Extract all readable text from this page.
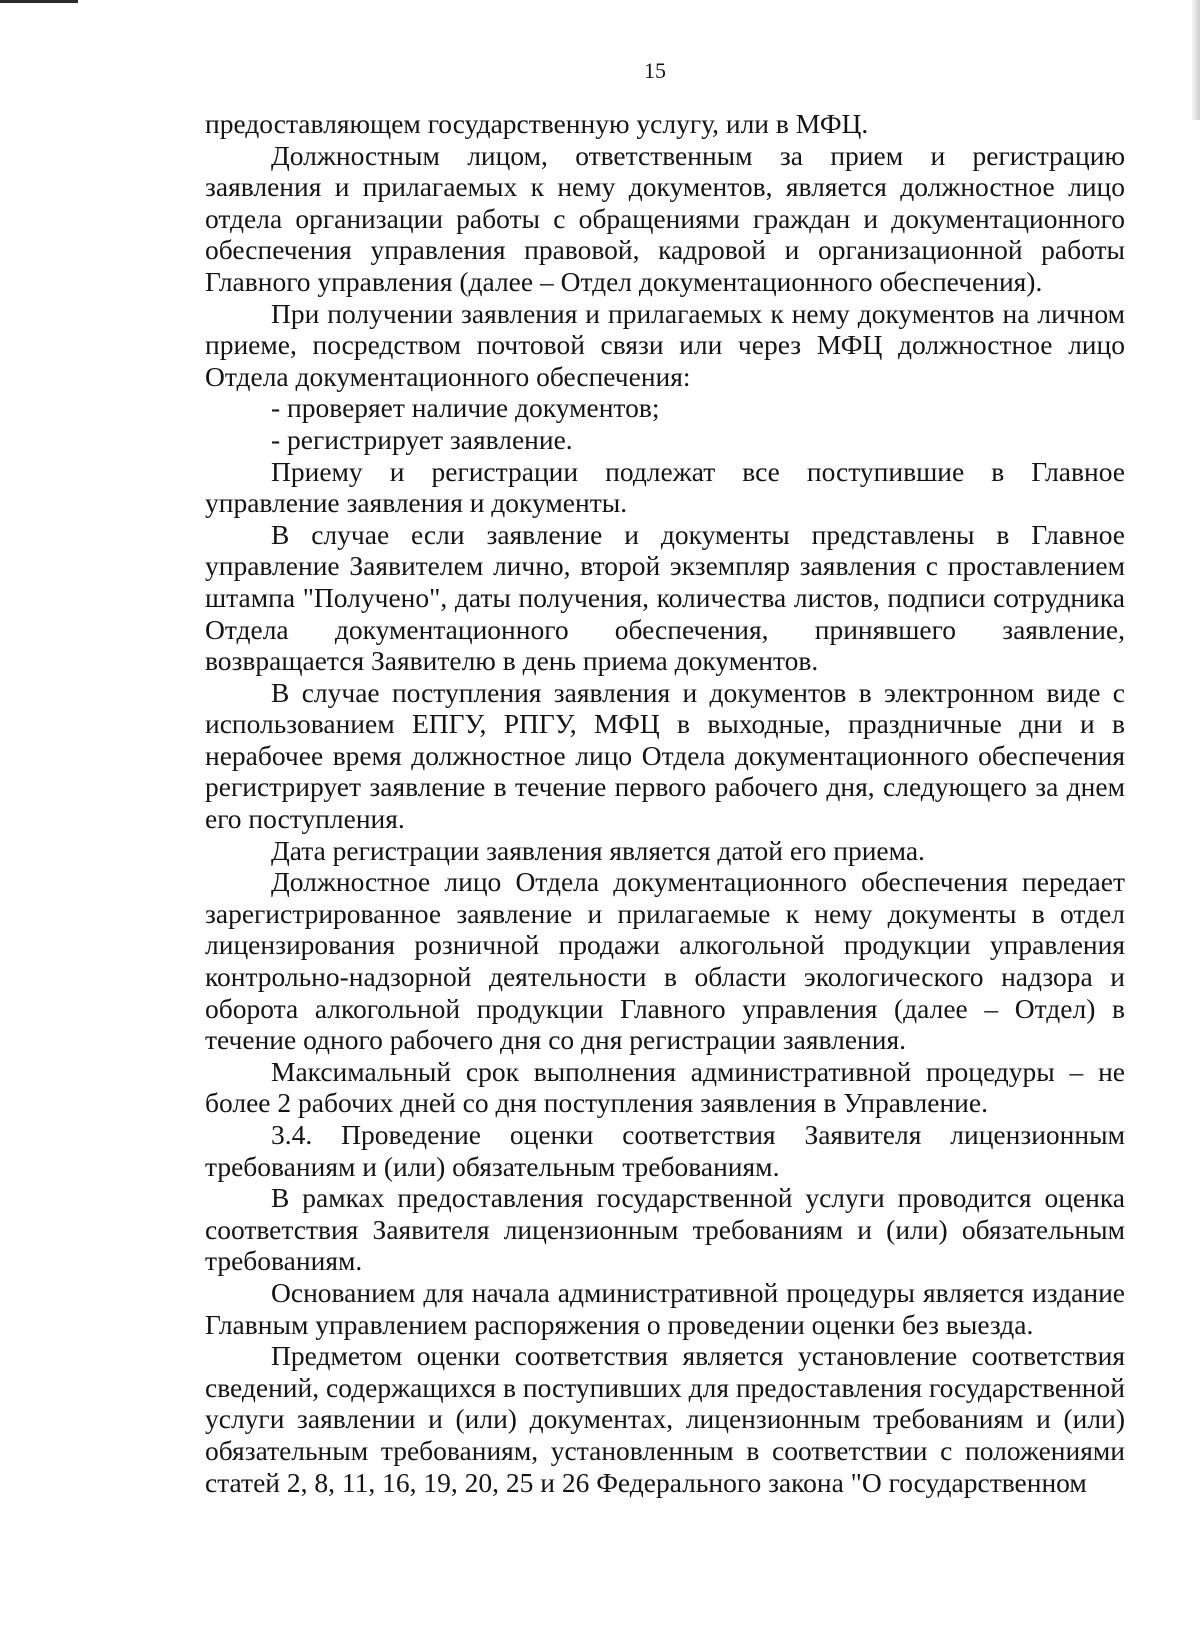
15

предоставляющем государственную услугу, или в МФЦ.

Должностным лицом, ответственным за прием и регистрацию заявления и прилагаемых к нему документов, является должностное лицо отдела организации работы с обращениями граждан и документационного обеспечения управления правовой, кадровой и организационной работы Главного управления (далее – Отдел документационного обеспечения).

При получении заявления и прилагаемых к нему документов на личном приеме, посредством почтовой связи или через МФЦ должностное лицо Отдела документационного обеспечения:

- проверяет наличие документов;

- регистрирует заявление.

Приему и регистрации подлежат все поступившие в Главное управление заявления и документы.

В случае если заявление и документы представлены в Главное управление Заявителем лично, второй экземпляр заявления с проставлением штампа "Получено", даты получения, количества листов, подписи сотрудника Отдела документационного обеспечения, принявшего заявление, возвращается Заявителю в день приема документов.

В случае поступления заявления и документов в электронном виде с использованием ЕПГУ, РПГУ, МФЦ в выходные, праздничные дни и в нерабочее время должностное лицо Отдела документационного обеспечения регистрирует заявление в течение первого рабочего дня, следующего за днем его поступления.

Дата регистрации заявления является датой его приема.

Должностное лицо Отдела документационного обеспечения передает зарегистрированное заявление и прилагаемые к нему документы в отдел лицензирования розничной продажи алкогольной продукции управления контрольно-надзорной деятельности в области экологического надзора и оборота алкогольной продукции Главного управления (далее – Отдел) в течение одного рабочего дня со дня регистрации заявления.

Максимальный срок выполнения административной процедуры – не более 2 рабочих дней со дня поступления заявления в Управление.

3.4. Проведение оценки соответствия Заявителя лицензионным требованиям и (или) обязательным требованиям.

В рамках предоставления государственной услуги проводится оценка соответствия Заявителя лицензионным требованиям и (или) обязательным требованиям.

Основанием для начала административной процедуры является издание Главным управлением распоряжения о проведении оценки без выезда.

Предметом оценки соответствия является установление соответствия сведений, содержащихся в поступивших для предоставления государственной услуги заявлении и (или) документах, лицензионным требованиям и (или) обязательным требованиям, установленным в соответствии с положениями статей 2, 8, 11, 16, 19, 20, 25 и 26 Федерального закона "О государственном
